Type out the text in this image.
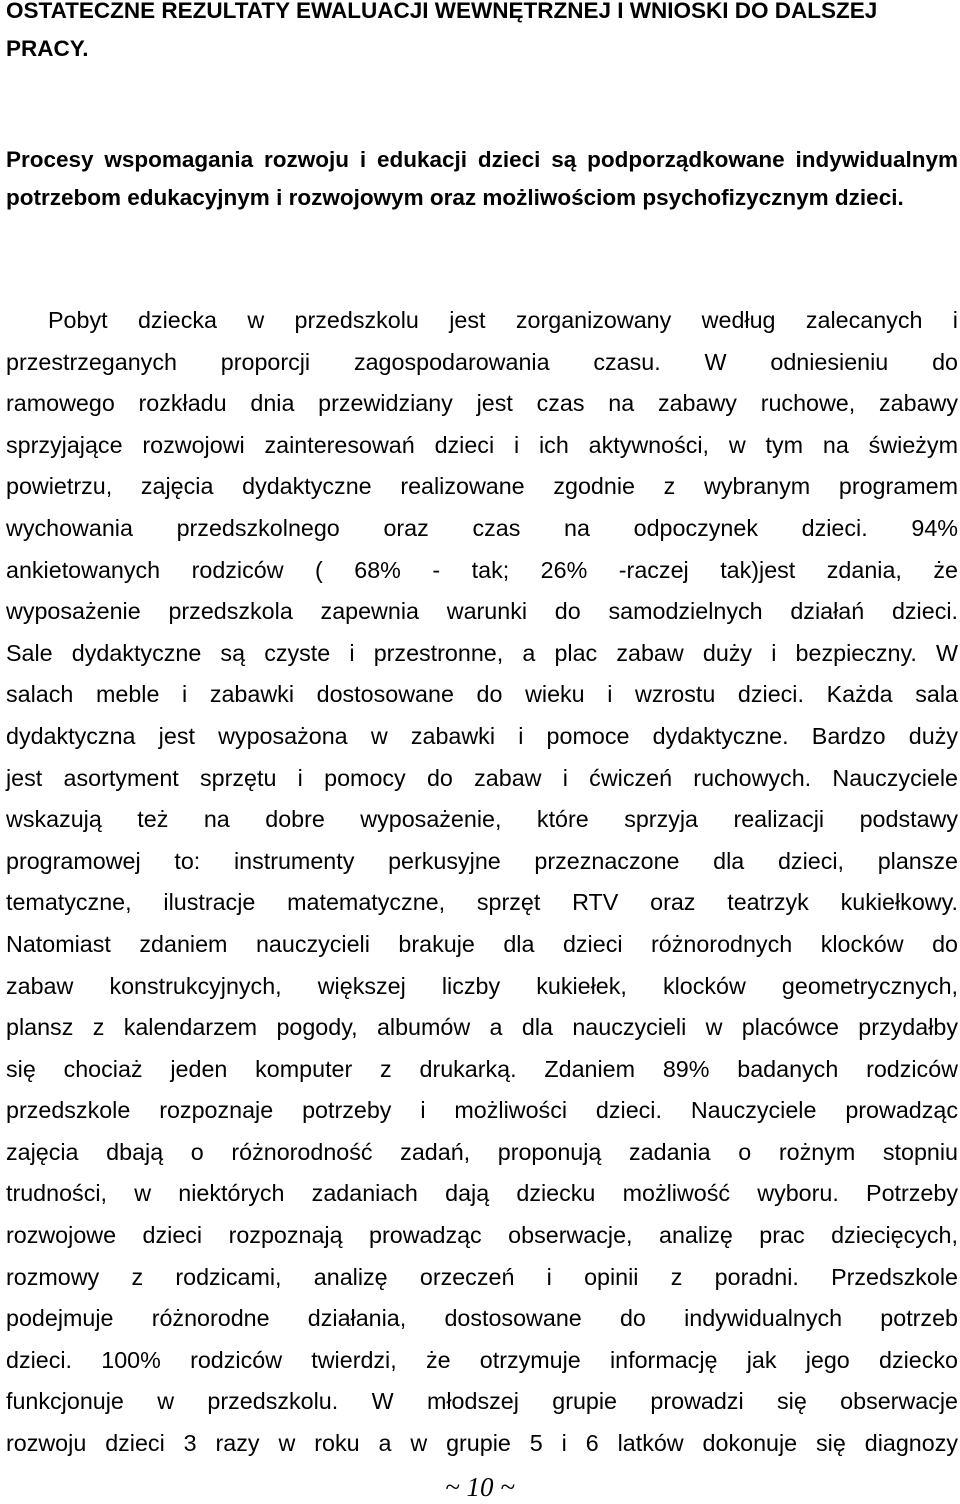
OSTATECZNE REZULTATY EWALUACJI WEWNĘTRZNEJ I WNIOSKI DO DALSZEJ PRACY.

Procesy wspomagania rozwoju i edukacji dzieci są podporządkowane indywidualnym potrzebom edukacyjnym i rozwojowym oraz możliwościom psychofizycznym dzieci.

Pobyt dziecka w przedszkolu jest zorganizowany według zalecanych i
przestrzeganych proporcji zagospodarowania czasu. W odniesieniu do
ramowego rozkładu dnia przewidziany jest czas na zabawy ruchowe, zabawy
sprzyjające rozwojowi zainteresowań dzieci i ich aktywności, w tym na świeżym
powietrzu, zajęcia dydaktyczne realizowane zgodnie z wybranym programem
wychowania przedszkolnego oraz czas na odpoczynek dzieci. 94%
ankietowanych rodziców ( 68% - tak; 26% -raczej tak)jest zdania, że
wyposażenie przedszkola zapewnia warunki do samodzielnych działań dzieci.
Sale dydaktyczne są czyste i przestronne, a plac zabaw duży i bezpieczny. W
salach meble i zabawki dostosowane do wieku i wzrostu dzieci. Każda sala
dydaktyczna jest wyposażona w zabawki i pomoce dydaktyczne. Bardzo duży
jest asortyment sprzętu i pomocy do zabaw i ćwiczeń ruchowych. Nauczyciele
wskazują też na dobre wyposażenie, które sprzyja realizacji podstawy
programowej to: instrumenty perkusyjne przeznaczone dla dzieci, plansze
tematyczne, ilustracje matematyczne, sprzęt RTV oraz teatrzyk kukiełkowy.
Natomiast zdaniem nauczycieli brakuje dla dzieci różnorodnych klocków do
zabaw konstrukcyjnych, większej liczby kukiełek, klocków geometrycznych,
plansz z kalendarzem pogody, albumów a dla nauczycieli w placówce przydałby
się chociaż jeden komputer z drukarką. Zdaniem 89% badanych rodziców
przedszkole rozpoznaje potrzeby i możliwości dzieci. Nauczyciele prowadząc
zajęcia dbają o różnorodność zadań, proponują zadania o rożnym stopniu
trudności, w niektórych zadaniach dają dziecku możliwość wyboru. Potrzeby
rozwojowe dzieci rozpoznają prowadząc obserwacje, analizę prac dziecięcych,
rozmowy z rodzicami, analizę orzeczeń i opinii z poradni. Przedszkole
podejmuje różnorodne działania, dostosowane do indywidualnych potrzeb
dzieci. 100% rodziców twierdzi, że otrzymuje informację jak jego dziecko
funkcjonuje w przedszkolu. W młodszej grupie prowadzi się obserwacje
rozwoju dzieci 3 razy w roku a w grupie 5 i 6 latków dokonuje się diagnozy
~ 10 ~
